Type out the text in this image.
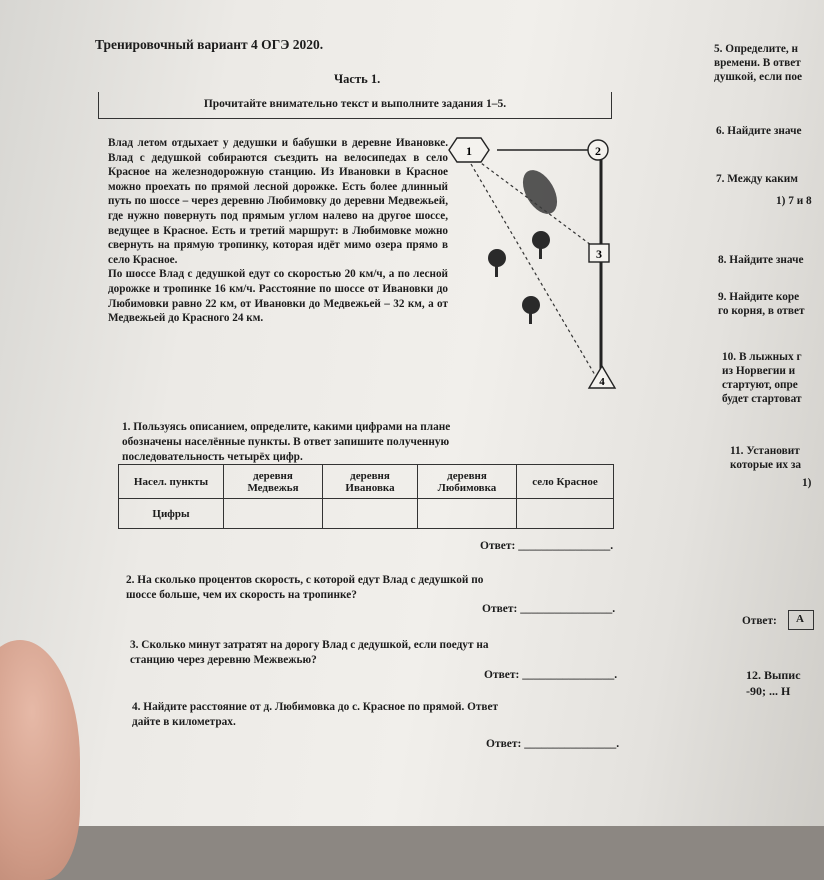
Тренировочный вариант 4 ОГЭ 2020.
Часть 1.
Прочитайте внимательно текст и выполните задания 1–5.

Влад летом отдыхает у дедушки и бабушки в деревне Ивановке. Влад с дедушкой собираются съездить на велосипедах в село Красное на железнодорожную станцию. Из Ивановки в Красное можно проехать по прямой лесной дорожке. Есть более длинный путь по шоссе – через деревню Любимовку до деревни Медвежьей, где нужно повернуть под прямым углом налево на другое шоссе, ведущее в Красное. Есть и третий маршрут: в Любимовке можно свернуть на прямую тропинку, которая идёт мимо озера прямо в село Красное.

По шоссе Влад с дедушкой едут со скоростью 20 км/ч, а по лесной дорожке и тропинке 16 км/ч. Расстояние по шоссе от Ивановки до Любимовки равно 22 км, от Ивановки до Медвежьей – 32 км, а от Медвежьей до Красного 24 км.

1	2
3
4
1. Пользуясь описанием, определите, какими цифрами на плане
обозначены населённые пункты. В ответ запишите полученную
последовательность четырёх цифр.
Насел. пункты	деревня Медвежья	деревня Ивановка	деревня Любимовка	село Красное
Цифры				
Ответ: ________________.
2. На сколько процентов скорость, с которой едут Влад с дедушкой по
шоссе больше, чем их скорость на тропинке?
Ответ: ________________.
3. Сколько минут затратят на дорогу Влад с дедушкой, если поедут на
станцию через деревню Межвежью?
Ответ: ________________.
4. Найдите расстояние от д. Любимовка до с. Красное по прямой. Ответ
дайте в километрах.
Ответ: ________________.
5. Определите, н
времени. В ответ
душкой, если пое
6. Найдите значе
7. Между каким
1) 7 и 8
8. Найдите значе
9. Найдите коре
го корня, в ответ
10. В лыжных г
из Норвегии и
стартуют, опре
будет стартоват
11. Установит
которые их за
1)
Ответ: A
12. Выпис
-90; ... Н
